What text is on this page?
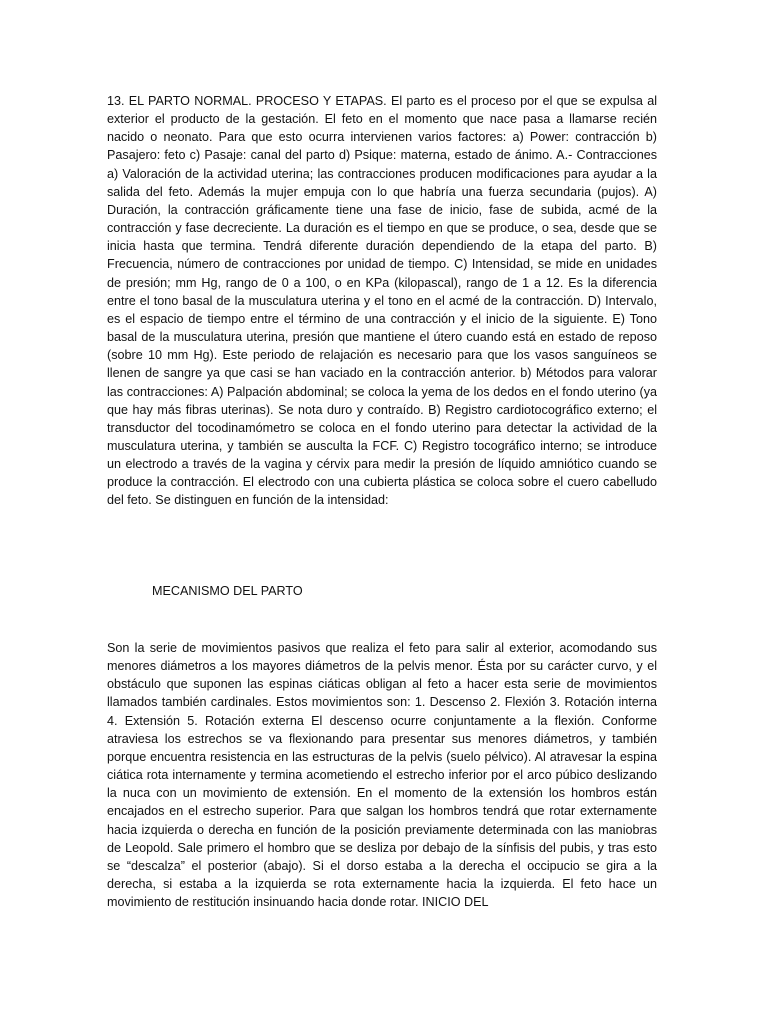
13. EL PARTO NORMAL. PROCESO Y ETAPAS. El parto es el proceso por el que se expulsa al exterior el producto de la gestación. El feto en el momento que nace pasa a llamarse recién nacido o neonato. Para que esto ocurra intervienen varios factores: a) Power: contracción b) Pasajero: feto c) Pasaje: canal del parto d) Psique: materna, estado de ánimo. A.- Contracciones a) Valoración de la actividad uterina; las contracciones producen modificaciones para ayudar a la salida del feto. Además la mujer empuja con lo que habría una fuerza secundaria (pujos). A) Duración, la contracción gráficamente tiene una fase de inicio, fase de subida, acmé de la contracción y fase decreciente. La duración es el tiempo en que se produce, o sea, desde que se inicia hasta que termina. Tendrá diferente duración dependiendo de la etapa del parto. B) Frecuencia, número de contracciones por unidad de tiempo. C) Intensidad, se mide en unidades de presión; mm Hg, rango de 0 a 100, o en KPa (kilopascal), rango de 1 a 12. Es la diferencia entre el tono basal de la musculatura uterina y el tono en el acmé de la contracción. D) Intervalo, es el espacio de tiempo entre el término de una contracción y el inicio de la siguiente. E) Tono basal de la musculatura uterina, presión que mantiene el útero cuando está en estado de reposo (sobre 10 mm Hg). Este periodo de relajación es necesario para que los vasos sanguíneos se llenen de sangre ya que casi se han vaciado en la contracción anterior. b) Métodos para valorar las contracciones: A) Palpación abdominal; se coloca la yema de los dedos en el fondo uterino (ya que hay más fibras uterinas). Se nota duro y contraído. B) Registro cardiotocográfico externo; el transductor del tocodinamómetro se coloca en el fondo uterino para detectar la actividad de la musculatura uterina, y también se ausculta la FCF. C) Registro tocográfico interno; se introduce un electrodo a través de la vagina y cérvix para medir la presión de líquido amniótico cuando se produce la contracción. El electrodo con una cubierta plástica se coloca sobre el cuero cabelludo del feto. Se distinguen en función de la intensidad:

MECANISMO DEL PARTO

Son la serie de movimientos pasivos que realiza el feto para salir al exterior, acomodando sus menores diámetros a los mayores diámetros de la pelvis menor. Ésta por su carácter curvo, y el obstáculo que suponen las espinas ciáticas obligan al feto a hacer esta serie de movimientos llamados también cardinales. Estos movimientos son: 1. Descenso 2. Flexión 3. Rotación interna 4. Extensión 5. Rotación externa El descenso ocurre conjuntamente a la flexión. Conforme atraviesa los estrechos se va flexionando para presentar sus menores diámetros, y también porque encuentra resistencia en las estructuras de la pelvis (suelo pélvico). Al atravesar la espina ciática rota internamente y termina acometiendo el estrecho inferior por el arco púbico deslizando la nuca con un movimiento de extensión. En el momento de la extensión los hombros están encajados en el estrecho superior. Para que salgan los hombros tendrá que rotar externamente hacia izquierda o derecha en función de la posición previamente determinada con las maniobras de Leopold. Sale primero el hombro que se desliza por debajo de la sínfisis del pubis, y tras esto se “descalza” el posterior (abajo). Si el dorso estaba a la derecha el occipucio se gira a la derecha, si estaba a la izquierda se rota externamente hacia la izquierda. El feto hace un movimiento de restitución insinuando hacia donde rotar. INICIO DEL
